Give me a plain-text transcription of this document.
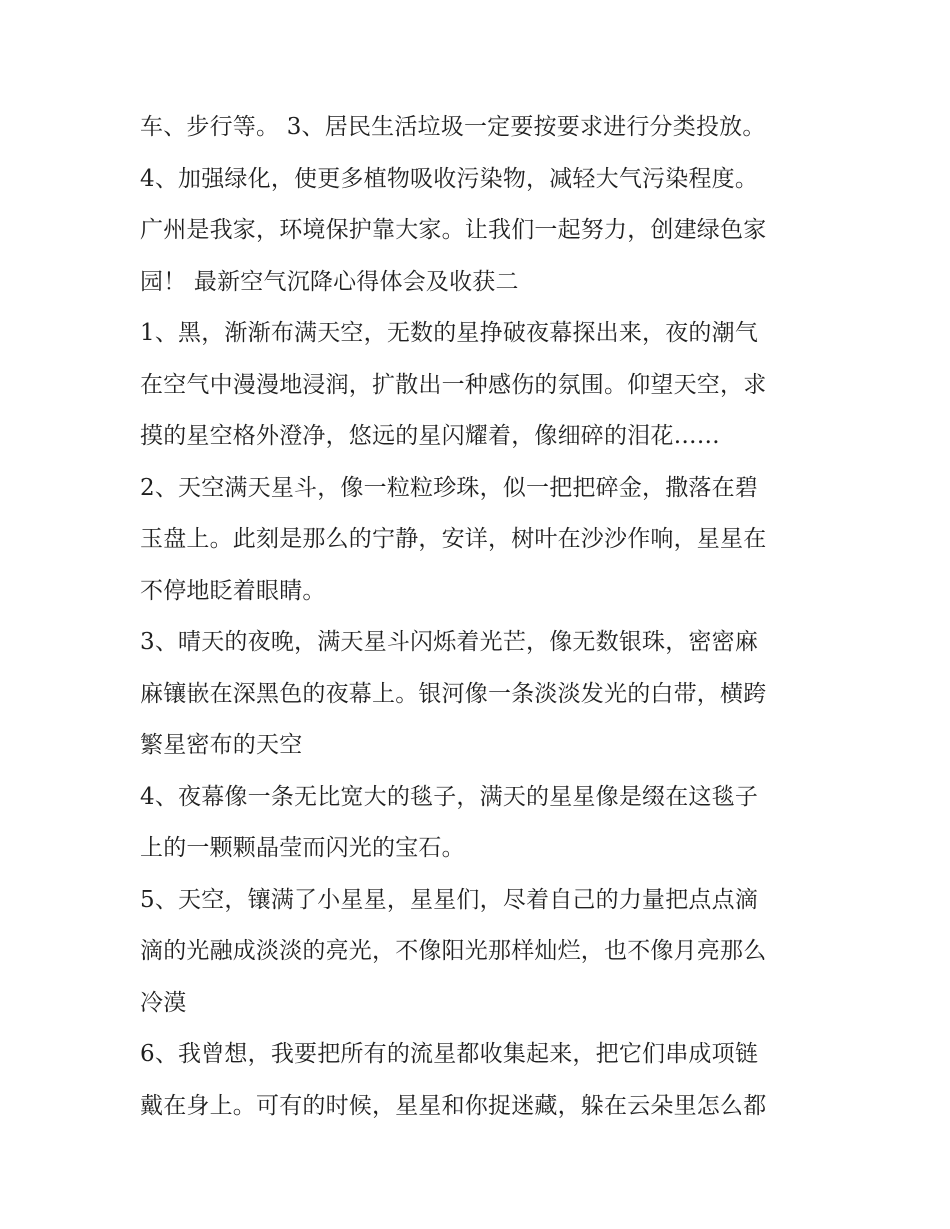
车、步行等。 3、居民生活垃圾一定要按要求进行分类投放。
4、加强绿化，使更多植物吸收污染物，减轻大气污染程度。
广州是我家，环境保护靠大家。让我们一起努力，创建绿色家
园！ 最新空气沉降心得体会及收获二
1、黑，渐渐布满天空，无数的星挣破夜幕探出来，夜的潮气
在空气中漫漫地浸润，扩散出一种感伤的氛围。仰望天空，求
摸的星空格外澄净，悠远的星闪耀着，像细碎的泪花……
2、天空满天星斗，像一粒粒珍珠，似一把把碎金，撒落在碧
玉盘上。此刻是那么的宁静，安详，树叶在沙沙作响，星星在
不停地眨着眼睛。
3、晴天的夜晚，满天星斗闪烁着光芒，像无数银珠，密密麻
麻镶嵌在深黑色的夜幕上。银河像一条淡淡发光的白带，横跨
繁星密布的天空
4、夜幕像一条无比宽大的毯子，满天的星星像是缀在这毯子
上的一颗颗晶莹而闪光的宝石。
5、天空，镶满了小星星，星星们，尽着自己的力量把点点滴
滴的光融成淡淡的亮光，不像阳光那样灿烂，也不像月亮那么
冷漠
6、我曾想，我要把所有的流星都收集起来，把它们串成项链
戴在身上。可有的时候，星星和你捉迷藏，躲在云朵里怎么都
